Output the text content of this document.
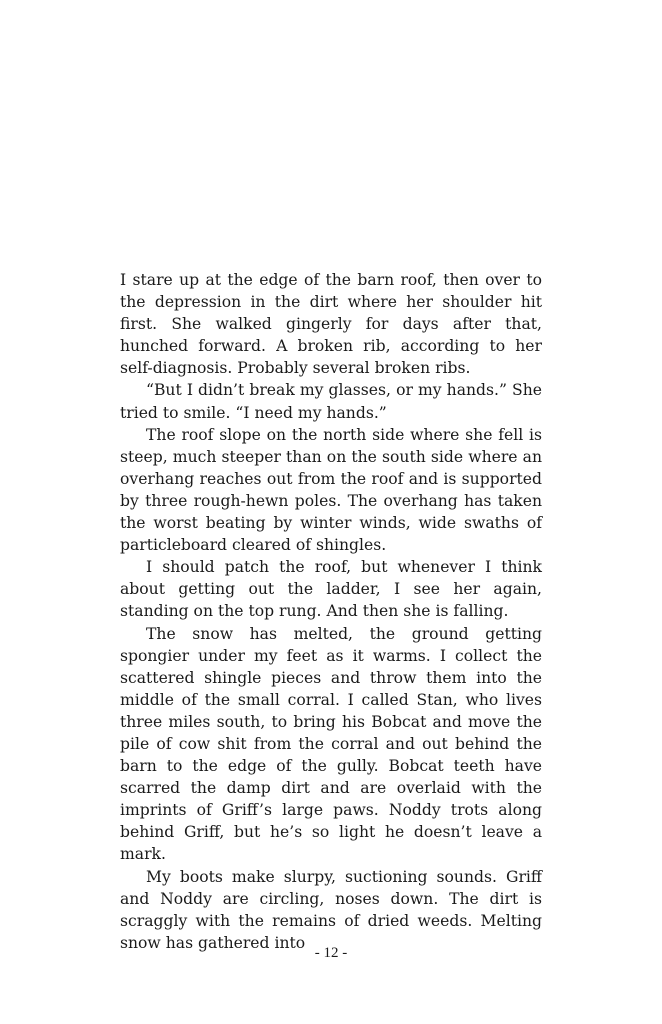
I stare up at the edge of the barn roof, then over to the depression in the dirt where her shoulder hit first. She walked gingerly for days after that, hunched forward. A broken rib, according to her self-diagnosis. Probably several broken ribs.

“But I didn’t break my glasses, or my hands.” She tried to smile. “I need my hands.”

The roof slope on the north side where she fell is steep, much steeper than on the south side where an overhang reaches out from the roof and is supported by three rough-hewn poles. The overhang has taken the worst beating by winter winds, wide swaths of particleboard cleared of shingles.

I should patch the roof, but whenever I think about getting out the ladder, I see her again, standing on the top rung. And then she is falling.

The snow has melted, the ground getting spongier under my feet as it warms. I collect the scattered shingle pieces and throw them into the middle of the small corral. I called Stan, who lives three miles south, to bring his Bobcat and move the pile of cow shit from the corral and out behind the barn to the edge of the gully. Bobcat teeth have scarred the damp dirt and are overlaid with the imprints of Griff’s large paws. Noddy trots along behind Griff, but he’s so light he doesn’t leave a mark.

My boots make slurpy, suctioning sounds. Griff and Noddy are circling, noses down. The dirt is scraggly with the remains of dried weeds. Melting snow has gathered into

- 12 -
